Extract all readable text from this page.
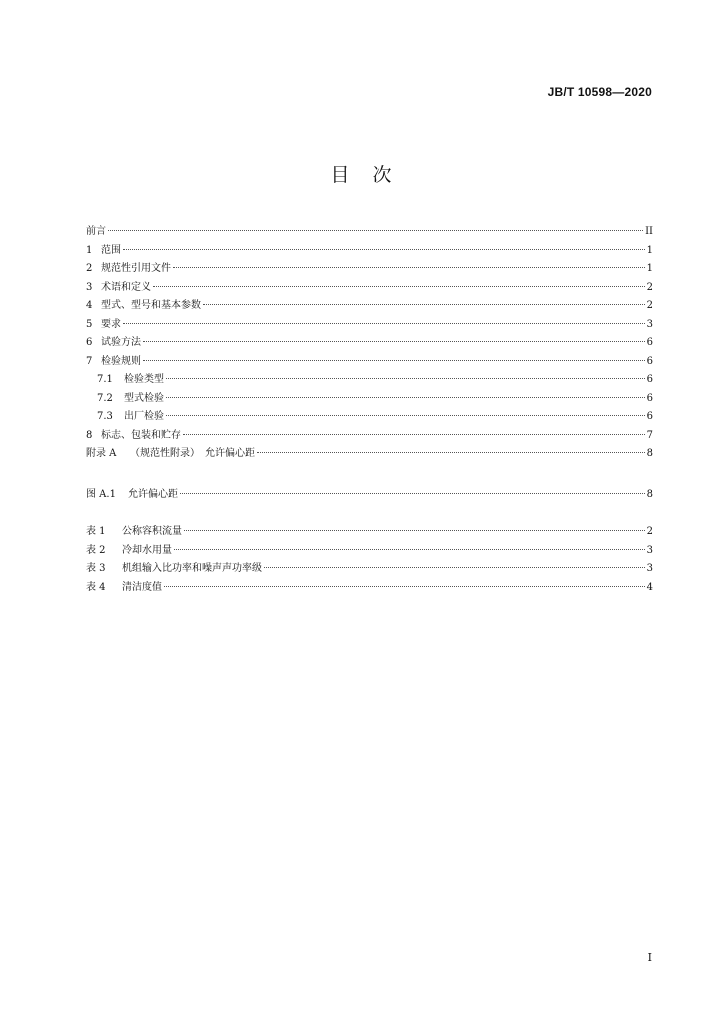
JB/T 10598—2020
目　次
前言	II
1 范围	1
2 规范性引用文件	1
3 术语和定义	2
4 型式、型号和基本参数	2
5 要求	3
6 试验方法	6
7 检验规则	6
7.1	检验类型	6
7.2	型式检验	6
7.3	出厂检验	6
8 标志、包装和贮存	7
附录 A	（规范性附录）　允许偏心距	8
图 A.1	允许偏心距	8
表 1	公称容积流量	2
表 2	冷却水用量	3
表 3	机组输入比功率和噪声声功率级	3
表 4	清洁度值	4
I
